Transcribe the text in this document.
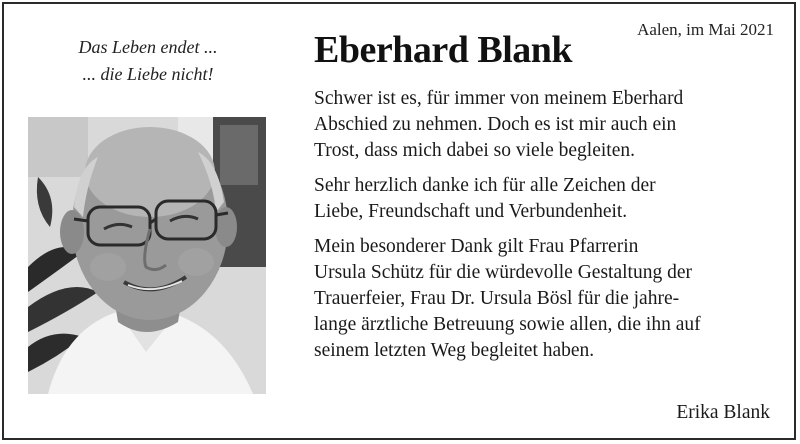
Das Leben endet ...
... die Liebe nicht!
Aalen, im Mai 2021
Eberhard Blank
Schwer ist es, für immer von meinem Eberhard
Abschied zu nehmen. Doch es ist mir auch ein
Trost, dass mich dabei so viele begleiten.
Sehr herzlich danke ich für alle Zeichen der
Liebe, Freundschaft und Verbundenheit.
Mein besonderer Dank gilt Frau Pfarrerin
Ursula Schütz für die würdevolle Gestaltung der
Trauerfeier, Frau Dr. Ursula Bösl für die jahre-
lange ärztliche Betreuung sowie allen, die ihn auf
seinem letzten Weg begleitet haben.
Erika Blank
